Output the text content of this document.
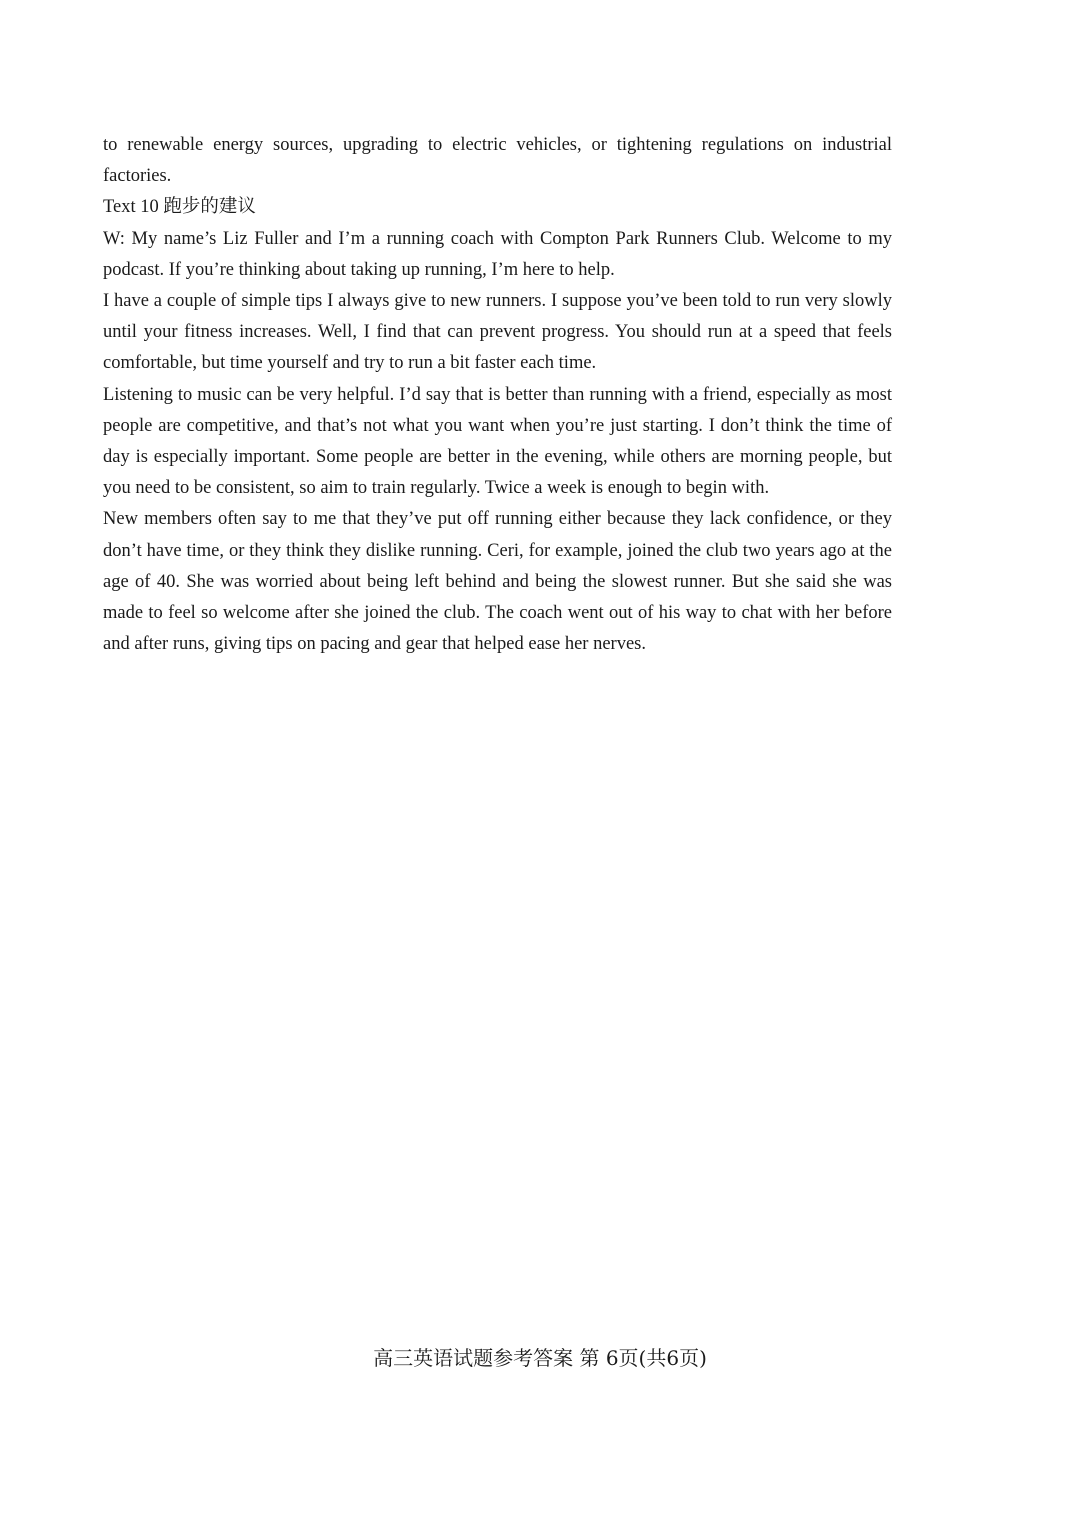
to renewable energy sources, upgrading to electric vehicles, or tightening regulations on industrial factories.

Text 10 跑步的建议

W: My name’s Liz Fuller and I’m a running coach with Compton Park Runners Club. Welcome to my podcast. If you’re thinking about taking up running, I’m here to help.

I have a couple of simple tips I always give to new runners. I suppose you’ve been told to run very slowly until your fitness increases. Well, I find that can prevent progress. You should run at a speed that feels comfortable, but time yourself and try to run a bit faster each time.

Listening to music can be very helpful. I’d say that is better than running with a friend, especially as most people are competitive, and that’s not what you want when you’re just starting. I don’t think the time of day is especially important. Some people are better in the evening, while others are morning people, but you need to be consistent, so aim to train regularly. Twice a week is enough to begin with.

New members often say to me that they’ve put off running either because they lack confidence, or they don’t have time, or they think they dislike running. Ceri, for example, joined the club two years ago at the age of 40. She was worried about being left behind and being the slowest runner. But she said she was made to feel so welcome after she joined the club. The coach went out of his way to chat with her before and after runs, giving tips on pacing and gear that helped ease her nerves.

高三英语试题参考答案 第 6页(共6页)
